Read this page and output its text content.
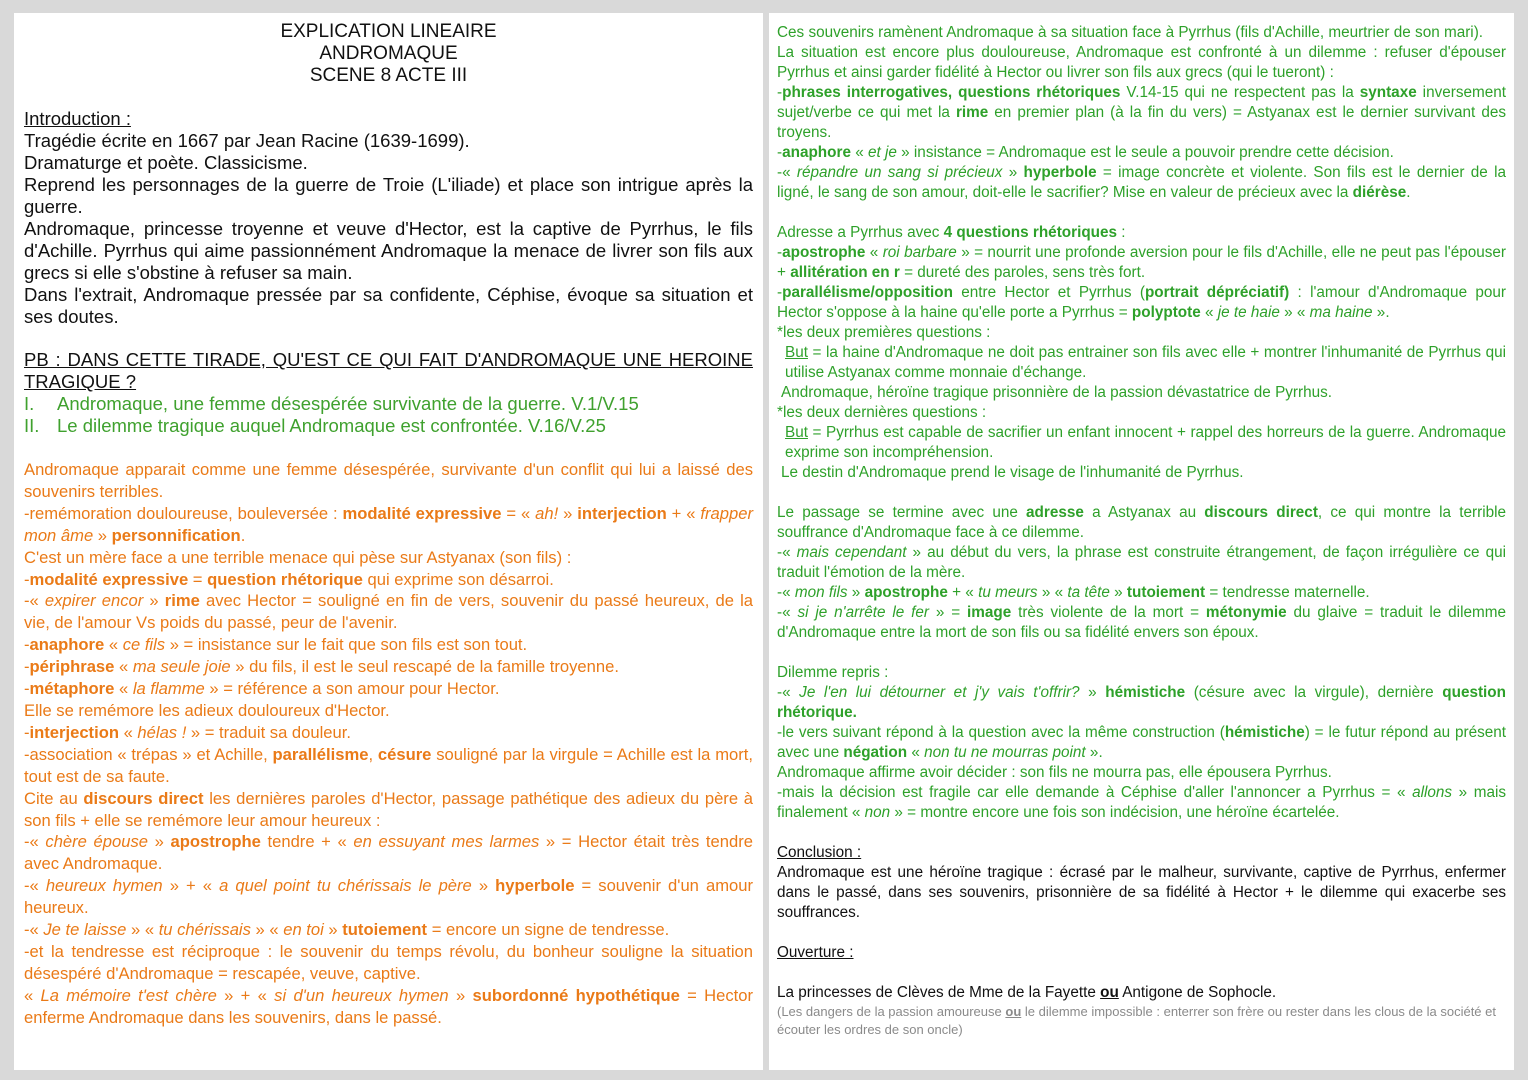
EXPLICATION LINEAIRE

ANDROMAQUE

SCENE 8 ACTE III

Introduction :

Tragédie écrite en 1667 par Jean Racine (1639-1699).

Dramaturge et poète. Classicisme.

Reprend les personnages de la guerre de Troie (L'iliade) et place son intrigue après la guerre.

Andromaque, princesse troyenne et veuve d'Hector, est la captive de Pyrrhus, le fils d'Achille. Pyrrhus qui aime passionnément Andromaque la menace de livrer son fils aux grecs si elle s'obstine à refuser sa main.

Dans l'extrait, Andromaque pressée par sa confidente, Céphise, évoque sa situation et ses doutes.

PB : DANS CETTE TIRADE, QU'EST CE QUI FAIT D'ANDROMAQUE UNE HEROINE TRAGIQUE ?

I. Andromaque, une femme désespérée survivante de la guerre. V.1/V.15

II. Le dilemme tragique auquel Andromaque est confrontée. V.16/V.25

Andromaque apparait comme une femme désespérée, survivante d'un conflit qui lui a laissé des souvenirs terribles.

-remémoration douloureuse, bouleversée : modalité expressive = « ah! » interjection + « frapper mon âme » personnification.

C'est un mère face a une terrible menace qui pèse sur Astyanax (son fils) :

-modalité expressive = question rhétorique qui exprime son désarroi.

-« expirer encor » rime avec Hector = souligné en fin de vers, souvenir du passé heureux, de la vie, de l'amour Vs poids du passé, peur de l'avenir.

-anaphore « ce fils » = insistance sur le fait que son fils est son tout.

-périphrase « ma seule joie » du fils, il est le seul rescapé de la famille troyenne.

-métaphore « la flamme » = référence a son amour pour Hector.

Elle se remémore les adieux douloureux d'Hector.

-interjection « hélas ! » = traduit sa douleur.

-association « trépas » et Achille, parallélisme, césure souligné par la virgule = Achille est la mort, tout est de sa faute.

Cite au discours direct les dernières paroles d'Hector, passage pathétique des adieux du père à son fils + elle se remémore leur amour heureux :

-« chère épouse » apostrophe tendre + « en essuyant mes larmes » = Hector était très tendre avec Andromaque.

-« heureux hymen » + « a quel point tu chérissais le père » hyperbole = souvenir d'un amour heureux.

-« Je te laisse » « tu chérissais » « en toi » tutoiement = encore un signe de tendresse.

-et la tendresse est réciproque : le souvenir du temps révolu, du bonheur souligne la situation désespéré d'Andromaque = rescapée, veuve, captive.

« La mémoire t'est chère » + « si d'un heureux hymen » subordonné hypothétique = Hector enferme Andromaque dans les souvenirs, dans le passé.

Ces souvenirs ramènent Andromaque à sa situation face à Pyrrhus (fils d'Achille, meurtrier de son mari).

La situation est encore plus douloureuse, Andromaque est confronté à un dilemme : refuser d'épouser Pyrrhus et ainsi garder fidélité à Hector ou livrer son fils aux grecs (qui le tueront) :

-phrases interrogatives, questions rhétoriques V.14-15 qui ne respectent pas la syntaxe inversement sujet/verbe ce qui met la rime en premier plan (à la fin du vers) = Astyanax est le dernier survivant des troyens.

-anaphore « et je » insistance = Andromaque est le seule a pouvoir prendre cette décision.

-« répandre un sang si précieux » hyperbole = image concrète et violente. Son fils est le dernier de la ligné, le sang de son amour, doit-elle le sacrifier? Mise en valeur de précieux avec la diérèse.

Adresse a Pyrrhus avec 4 questions rhétoriques :

-apostrophe « roi barbare » = nourrit une profonde aversion pour le fils d'Achille, elle ne peut pas l'épouser + allitération en r = dureté des paroles, sens très fort.

-parallélisme/opposition entre Hector et Pyrrhus (portrait dépréciatif) : l'amour d'Andromaque pour Hector s'oppose à la haine qu'elle porte a Pyrrhus = polyptote « je te haie » « ma haine ».

*les deux premières questions :

But = la haine d'Andromaque ne doit pas entrainer son fils avec elle + montrer l'inhumanité de Pyrrhus qui utilise Astyanax comme monnaie d'échange.

Andromaque, héroïne tragique prisonnière de la passion dévastatrice de Pyrrhus.

*les deux dernières questions :

But = Pyrrhus est capable de sacrifier un enfant innocent + rappel des horreurs de la guerre. Andromaque exprime son incompréhension.

Le destin d'Andromaque prend le visage de l'inhumanité de Pyrrhus.

Le passage se termine avec une adresse a Astyanax au discours direct, ce qui montre la terrible souffrance d'Andromaque face à ce dilemme.

-« mais cependant » au début du vers, la phrase est construite étrangement, de façon irrégulière ce qui traduit l'émotion de la mère.

-« mon fils » apostrophe + « tu meurs » « ta tête » tutoiement = tendresse maternelle.

-« si je n'arrête le fer » = image très violente de la mort = métonymie du glaive = traduit le dilemme d'Andromaque entre la mort de son fils ou sa fidélité envers son époux.

Dilemme repris :

-« Je l'en lui détourner et j'y vais t'offrir? » hémistiche (césure avec la virgule), dernière question rhétorique.

-le vers suivant répond à la question avec la même construction (hémistiche) = le futur répond au présent avec une négation « non tu ne mourras point ».

Andromaque affirme avoir décider : son fils ne mourra pas, elle épousera Pyrrhus.

-mais la décision est fragile car elle demande à Céphise d'aller l'annoncer a Pyrrhus = « allons » mais finalement « non » = montre encore une fois son indécision, une héroïne écartelée.

Conclusion :

Andromaque est une héroïne tragique : écrasé par le malheur, survivante, captive de Pyrrhus, enfermer dans le passé, dans ses souvenirs, prisonnière de sa fidélité à Hector + le dilemme qui exacerbe ses souffrances.

Ouverture :

La princesses de Clèves de Mme de la Fayette ou Antigone de Sophocle.

(Les dangers de la passion amoureuse ou le dilemme impossible : enterrer son frère ou rester dans les clous de la société et écouter les ordres de son oncle)
